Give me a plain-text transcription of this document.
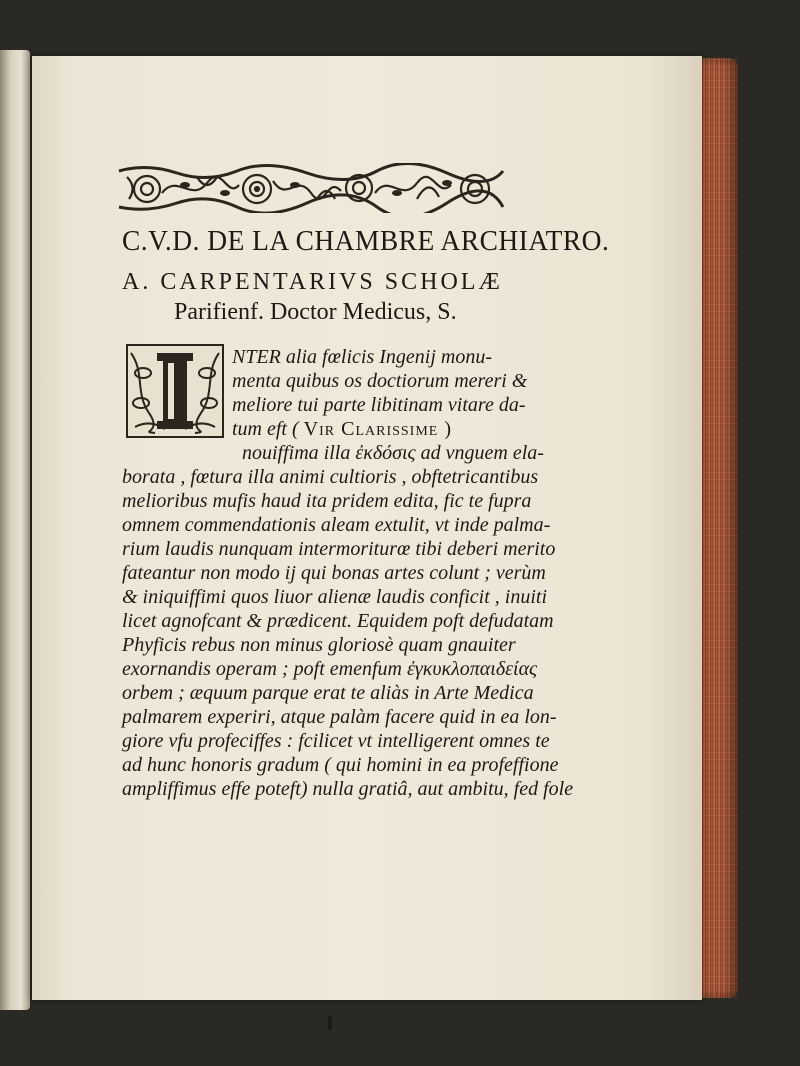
C.V.D. DE LA CHAMBRE ARCHIATRO.
A. CARPENTARIVS SCHOLÆ
Parifienf. Doctor Medicus, S.
NTER alia fœlicis Ingenij monu-
menta quibus os doctiorum mereri &
meliore tui parte libitinam vitare da-
tum eft ( Vir Clarissime )
nouiffima illa ἐκδόσις ad vnguem ela-
borata , fœtura illa animi cultioris , obftetricantibus
melioribus mufis haud ita pridem edita, fic te fupra
omnem commendationis aleam extulit, vt inde palma-
rium laudis nunquam intermoriturœ tibi deberi merito
fateantur non modo ij qui bonas artes colunt ; verùm
& iniquiffimi quos liuor alienæ laudis conficit , inuiti
licet agnofcant & prædicent. Equidem poft defudatam
Phyficis rebus non minus gloriosè quam gnauiter
exornandis operam ; poft emenfum ἐγκυκλοπαιδείας
orbem ; æquum parque erat te aliàs in Arte Medica
palmarem experiri, atque palàm facere quid in ea lon-
giore vfu profeciffes : fcilicet vt intelligerent omnes te
ad hunc honoris gradum ( qui homini in ea profeffione
ampliffimus effe poteft) nulla gratiâ, aut ambitu, fed fole
